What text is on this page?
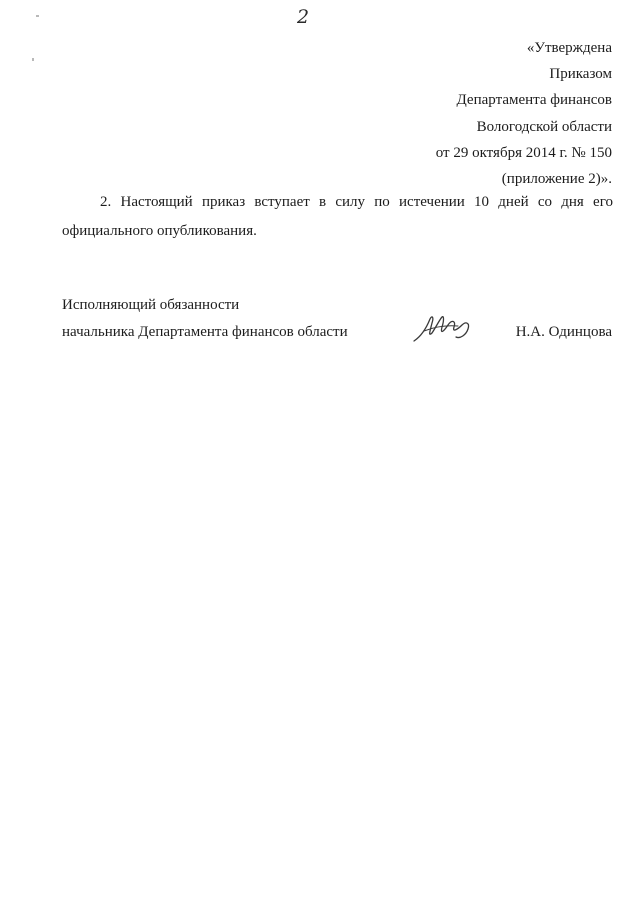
2
«Утверждена
Приказом
Департамента финансов
Вологодской области
от 29 октября 2014 г. № 150
(приложение 2)».
2. Настоящий приказ вступает в силу по истечении 10 дней со дня его официального опубликования.
Исполняющий обязанности
начальника Департамента финансов области	Н.А. Одинцова
